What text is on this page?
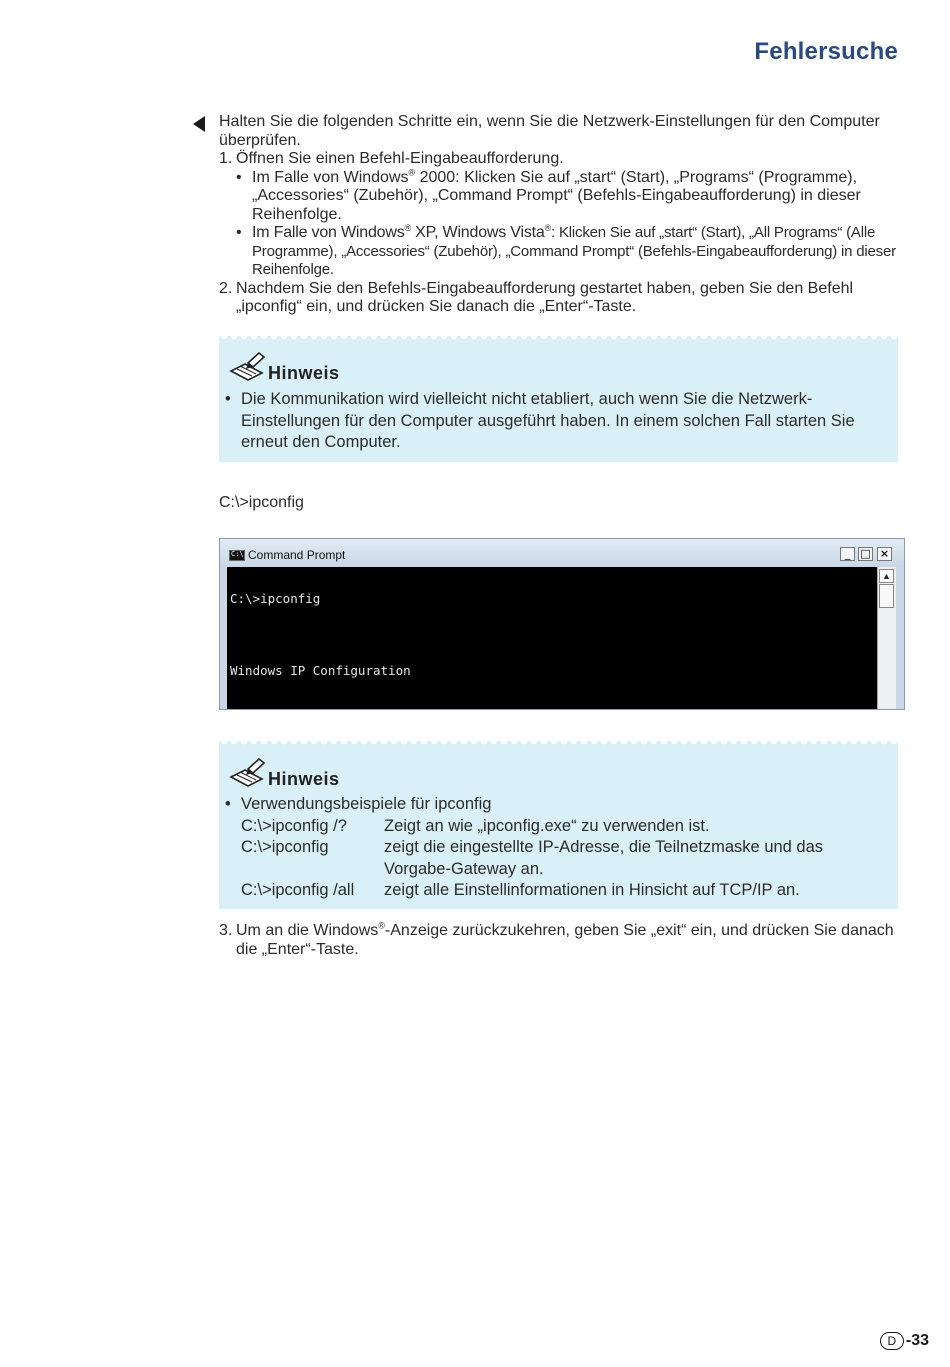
Fehlersuche

Halten Sie die folgenden Schritte ein, wenn Sie die Netzwerk-Einstellungen für den Computer überprüfen.

1. Öffnen Sie einen Befehl-Eingabeaufforderung.
• Im Falle von Windows® 2000: Klicken Sie auf „start“ (Start), „Programs“ (Programme), „Accessories“ (Zubehör), „Command Prompt“ (Befehls-Eingabeaufforderung) in dieser Reihenfolge.
• Im Falle von Windows® XP, Windows Vista®: Klicken Sie auf „start“ (Start), „All Programs“ (Alle Programme), „Accessories“ (Zubehör), „Command Prompt“ (Befehls-Eingabeaufforderung) in dieser Reihenfolge.
2. Nachdem Sie den Befehls-Eingabeaufforderung gestartet haben, geben Sie den Befehl „ipconfig“ ein, und drücken Sie danach die „Enter“-Taste.
Hinweis
• Die Kommunikation wird vielleicht nicht etabliert, auch wenn Sie die Netzwerk-Einstellungen für den Computer ausgeführt haben. In einem solchen Fall starten Sie erneut den Computer.
C:\>ipconfig
C:\ Command Prompt	_ □ ×

C:\>ipconfig

Windows IP Configuration

▲
Hinweis
• Verwendungsbeispiele für ipconfig
C:\>ipconfig /?	Zeigt an wie „ipconfig.exe“ zu verwenden ist.
C:\>ipconfig	zeigt die eingestellte IP-Adresse, die Teilnetzmaske und das Vorgabe-Gateway an.
C:\>ipconfig /all	zeigt alle Einstellinformationen in Hinsicht auf TCP/IP an.
3. Um an die Windows®-Anzeige zurückzukehren, geben Sie „exit“ ein, und drücken Sie danach die „Enter“-Taste.
D -33
